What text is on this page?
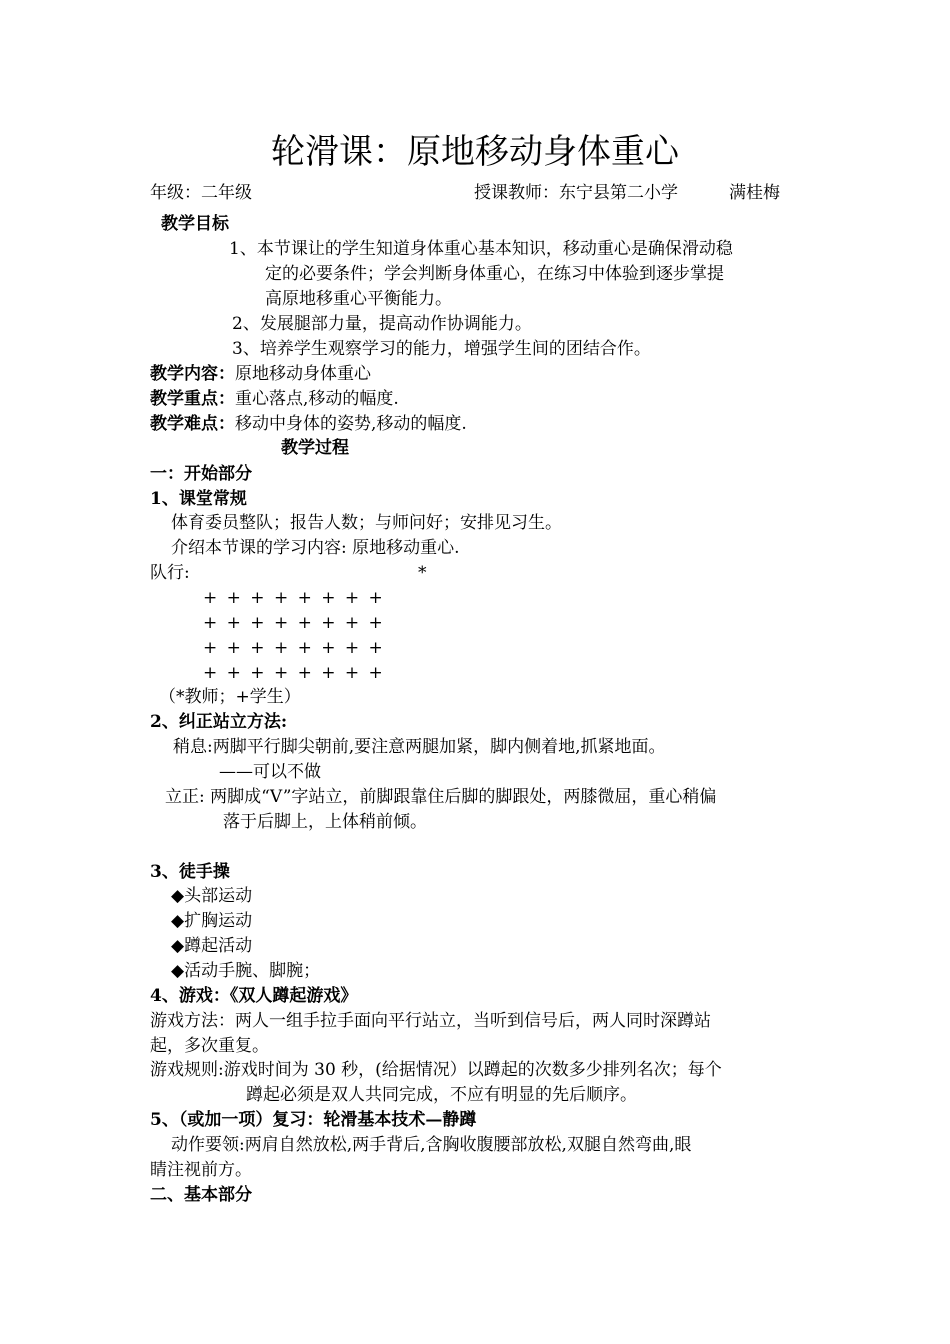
轮滑课：原地移动身体重心
年级：二年级	授课教师：东宁县第二小学	满桂梅
教学目标
1、本节课让的学生知道身体重心基本知识，移动重心是确保滑动稳
定的必要条件；学会判断身体重心，在练习中体验到逐步掌提
高原地移重心平衡能力。
2、发展腿部力量，提高动作协调能力。
3、培养学生观察学习的能力，增强学生间的团结合作。
教学内容：原地移动身体重心
教学重点：重心落点,移动的幅度.
教学难点：移动中身体的姿势,移动的幅度.
教学过程
一：开始部分
1、课堂常规
体育委员整队；报告人数；与师问好；安排见习生。
介绍本节课的学习内容: 原地移动重心.
队行:	*
+ + + + + + + +
+ + + + + + + +
+ + + + + + + +
+ + + + + + + +
（*教师；+学生）
2、纠正站立方法:
稍息:两脚平行脚尖朝前,要注意两腿加紧，脚内侧着地,抓紧地面。
——可以不做
立正: 两脚成“V”字站立，前脚跟靠住后脚的脚跟处，两膝微屈，重心稍偏
落于后脚上，上体稍前倾。
3、徒手操
◆头部运动
◆扩胸运动
◆蹲起活动
◆活动手腕、脚腕；
4、游戏：《双人蹲起游戏》
游戏方法：两人一组手拉手面向平行站立，当听到信号后，两人同时深蹲站
起，多次重复。
游戏规则:游戏时间为 30 秒，(给据情况）以蹲起的次数多少排列名次；每个
蹲起必须是双人共同完成，不应有明显的先后顺序。
5、（或加一项）复习：轮滑基本技术—静蹲
动作要领:两肩自然放松,两手背后,含胸收腹腰部放松,双腿自然弯曲,眼
睛注视前方。
二、基本部分
